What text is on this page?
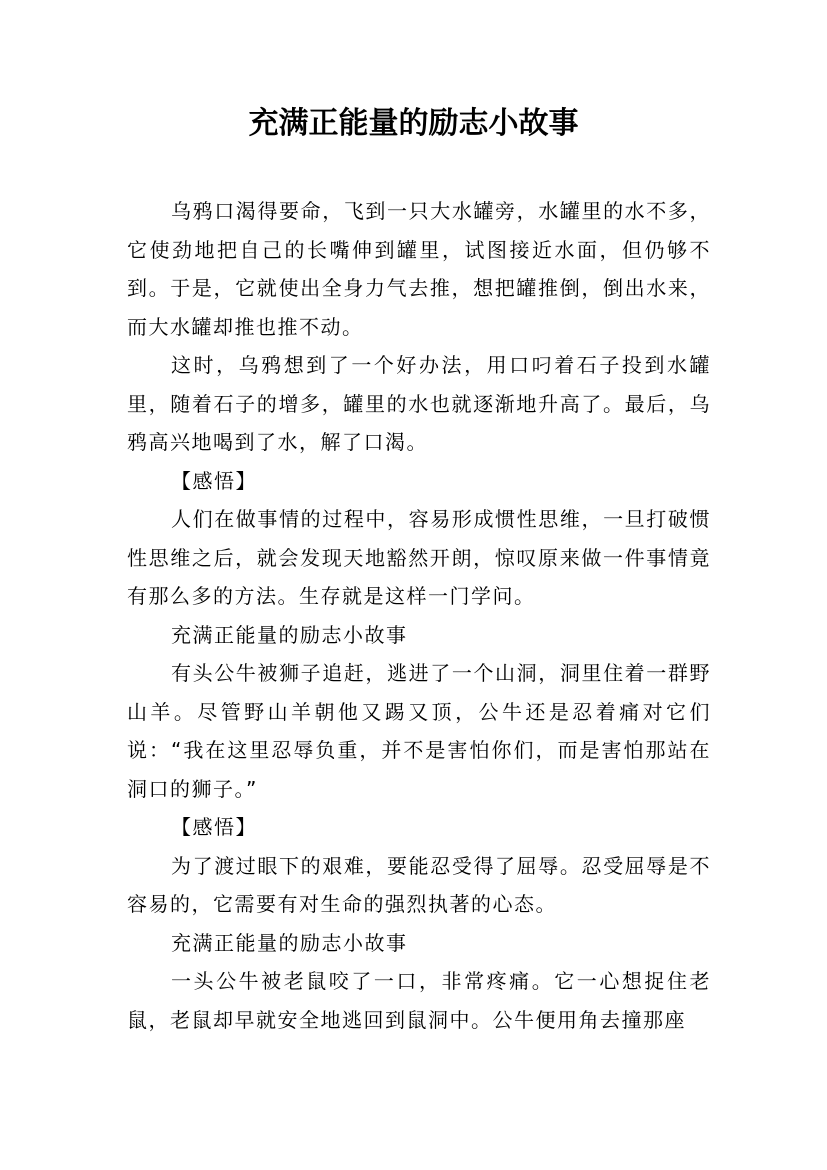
充满正能量的励志小故事

乌鸦口渴得要命，飞到一只大水罐旁，水罐里的水不多，它使劲地把自己的长嘴伸到罐里，试图接近水面，但仍够不到。于是，它就使出全身力气去推，想把罐推倒，倒出水来，而大水罐却推也推不动。

这时，乌鸦想到了一个好办法，用口叼着石子投到水罐里，随着石子的增多，罐里的水也就逐渐地升高了。最后，乌鸦高兴地喝到了水，解了口渴。

【感悟】

人们在做事情的过程中，容易形成惯性思维，一旦打破惯性思维之后，就会发现天地豁然开朗，惊叹原来做一件事情竟有那么多的方法。生存就是这样一门学问。

充满正能量的励志小故事

有头公牛被狮子追赶，逃进了一个山洞，洞里住着一群野山羊。尽管野山羊朝他又踢又顶，公牛还是忍着痛对它们说：“我在这里忍辱负重，并不是害怕你们，而是害怕那站在洞口的狮子。”

【感悟】

为了渡过眼下的艰难，要能忍受得了屈辱。忍受屈辱是不容易的，它需要有对生命的强烈执著的心态。

充满正能量的励志小故事

一头公牛被老鼠咬了一口，非常疼痛。它一心想捉住老鼠，老鼠却早就安全地逃回到鼠洞中。公牛便用角去撞那座
